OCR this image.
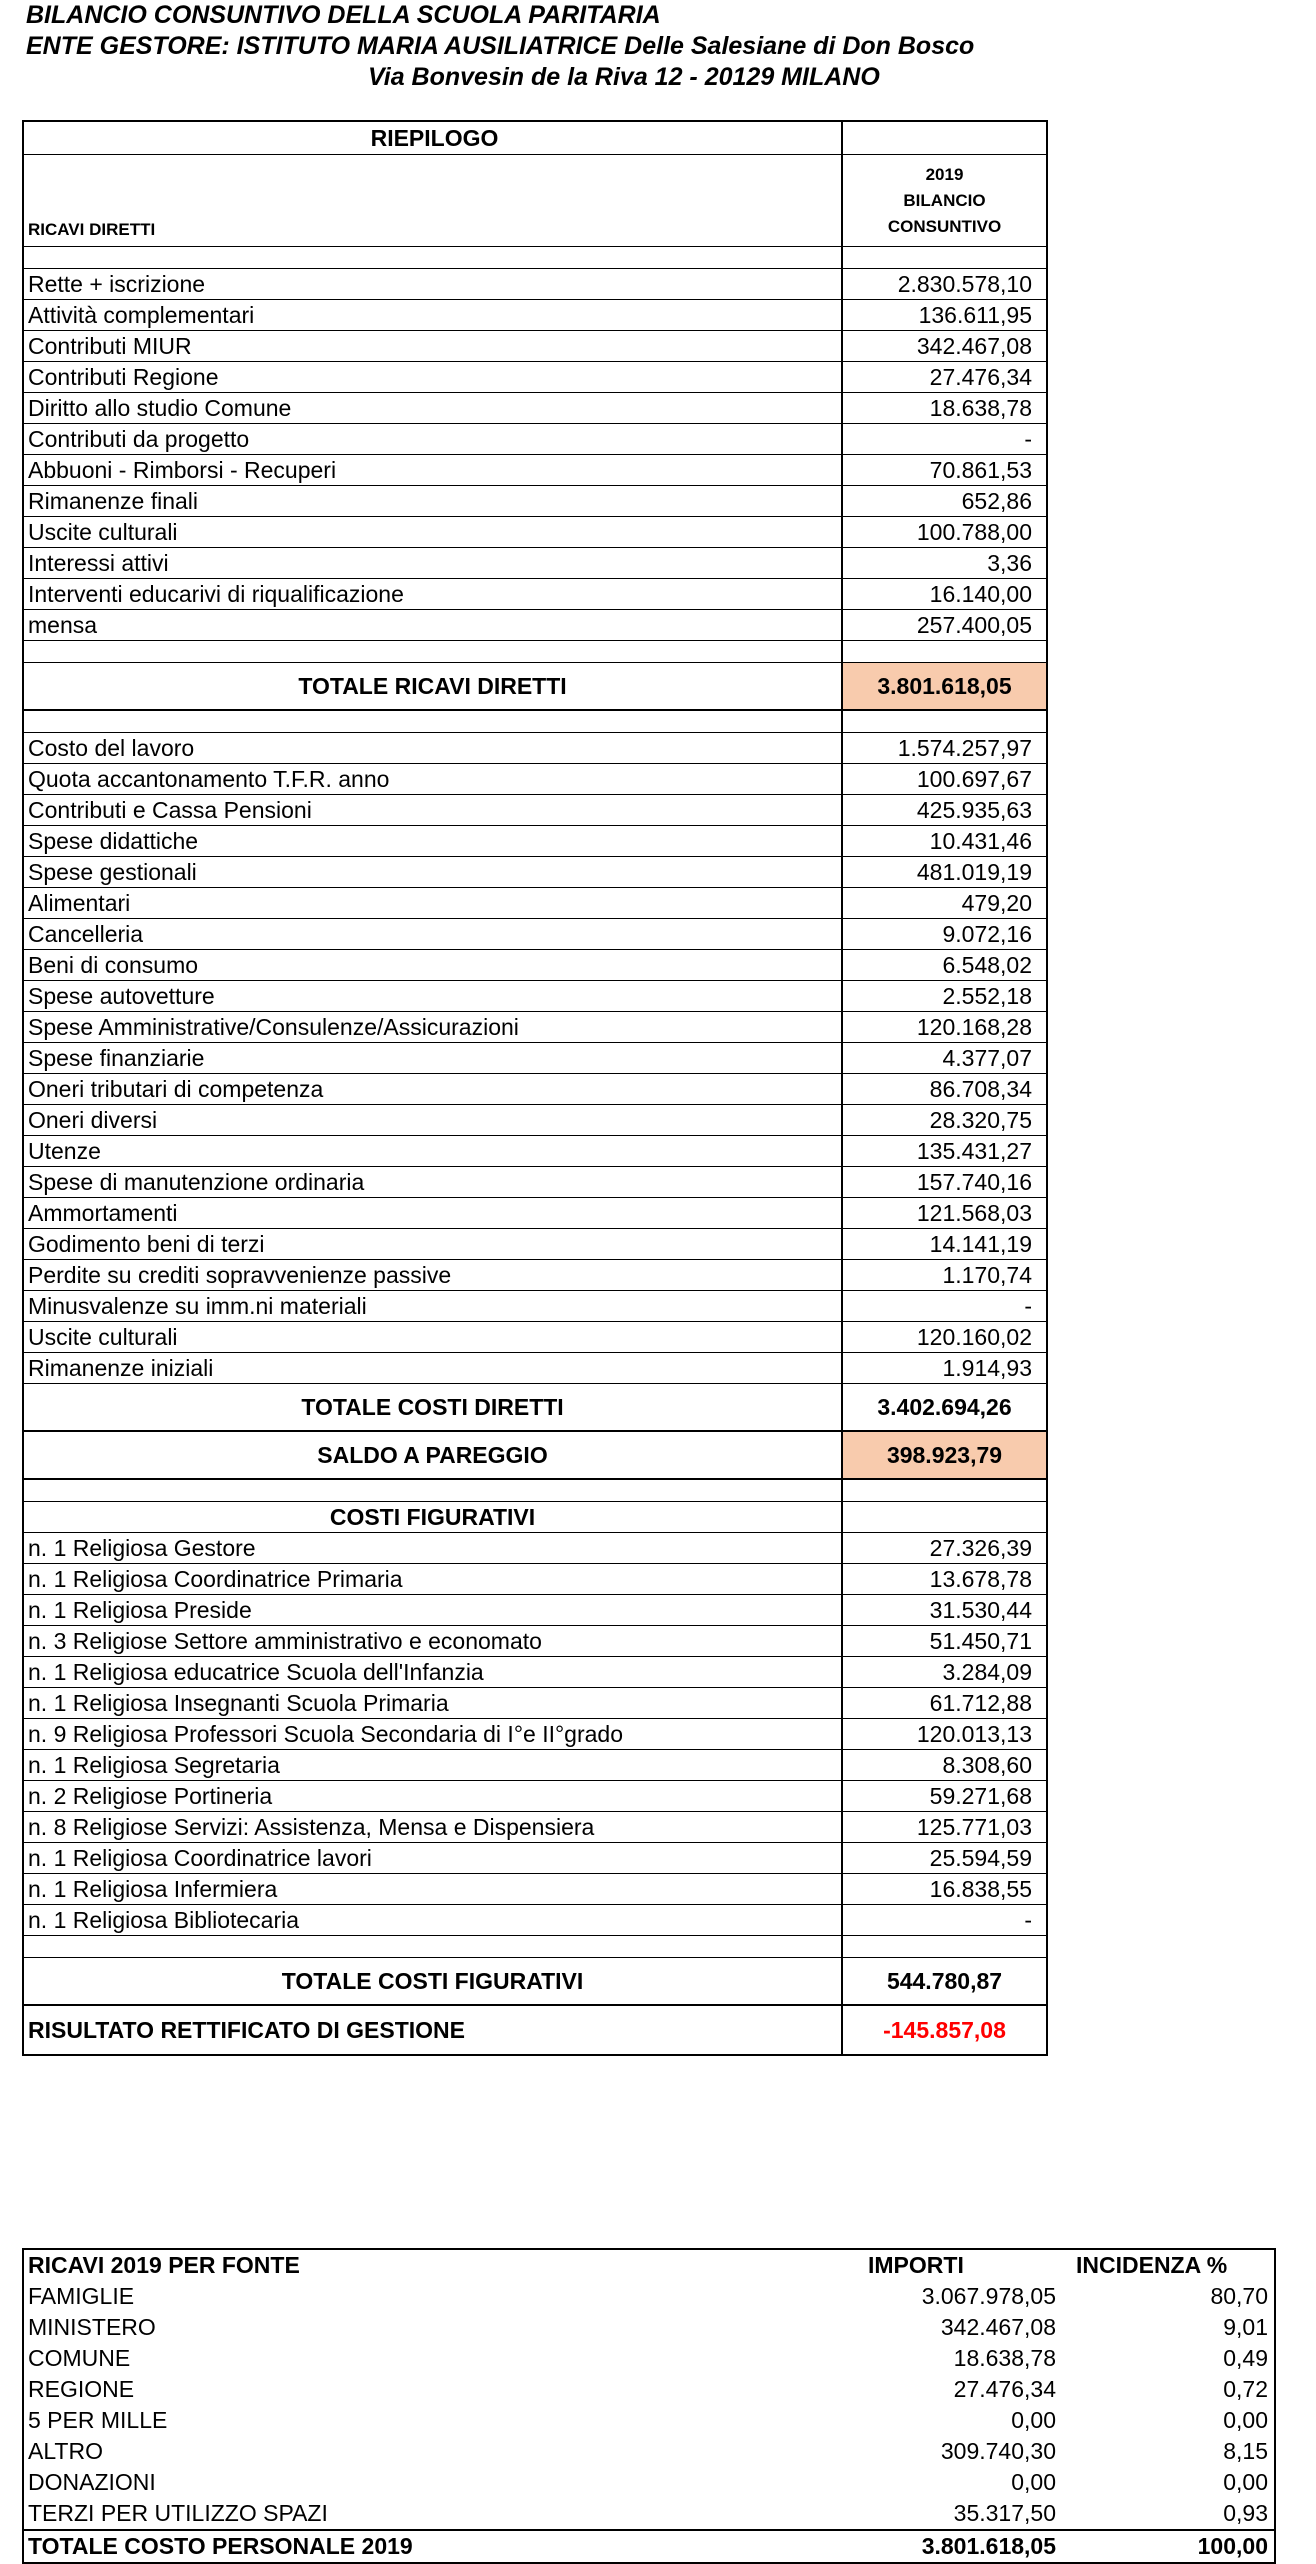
BILANCIO CONSUNTIVO DELLA SCUOLA PARITARIA
ENTE GESTORE: ISTITUTO MARIA AUSILIATRICE Delle Salesiane di Don Bosco
Via Bonvesin de la Riva 12 - 20129 MILANO
RIEPILOGO
RICAVI DIRETTI
2019
BILANCIO
CONSUNTIVO
Rette + iscrizione	2.830.578,10
Attività complementari	136.611,95
Contributi MIUR	342.467,08
Contributi Regione	27.476,34
Diritto allo studio Comune	18.638,78
Contributi da progetto	-
Abbuoni - Rimborsi - Recuperi	70.861,53
Rimanenze finali	652,86
Uscite culturali	100.788,00
Interessi attivi	3,36
Interventi educarivi di riqualificazione	16.140,00
mensa	257.400,05
TOTALE RICAVI DIRETTI	3.801.618,05
Costo del lavoro	1.574.257,97
Quota accantonamento T.F.R. anno	100.697,67
Contributi e Cassa Pensioni	425.935,63
Spese didattiche	10.431,46
Spese gestionali	481.019,19
Alimentari	479,20
Cancelleria	9.072,16
Beni di consumo	6.548,02
Spese autovetture	2.552,18
Spese Amministrative/Consulenze/Assicurazioni	120.168,28
Spese finanziarie	4.377,07
Oneri tributari di competenza	86.708,34
Oneri diversi	28.320,75
Utenze	135.431,27
Spese di manutenzione ordinaria	157.740,16
Ammortamenti	121.568,03
Godimento beni di terzi	14.141,19
Perdite su crediti sopravvenienze passive	1.170,74
Minusvalenze su imm.ni materiali	-
Uscite culturali	120.160,02
Rimanenze iniziali	1.914,93
TOTALE COSTI DIRETTI	3.402.694,26
SALDO A PAREGGIO	398.923,79
COSTI FIGURATIVI
n. 1 Religiosa Gestore	27.326,39
n. 1 Religiosa Coordinatrice Primaria	13.678,78
n. 1 Religiosa Preside	31.530,44
n. 3 Religiose Settore amministrativo e economato	51.450,71
n. 1 Religiosa educatrice Scuola dell'Infanzia	3.284,09
n. 1 Religiosa Insegnanti Scuola Primaria	61.712,88
n. 9 Religiosa Professori Scuola Secondaria di I°e II°grado	120.013,13
n. 1 Religiosa Segretaria	8.308,60
n. 2 Religiose Portineria	59.271,68
n. 8 Religiose Servizi: Assistenza, Mensa e Dispensiera	125.771,03
n. 1 Religiosa Coordinatrice lavori	25.594,59
n. 1 Religiosa Infermiera	16.838,55
n. 1 Religiosa Bibliotecaria	-
TOTALE COSTI FIGURATIVI	544.780,87
RISULTATO RETTIFICATO DI GESTIONE	-145.857,08
RICAVI 2019 PER FONTE	IMPORTI	INCIDENZA %
FAMIGLIE	3.067.978,05	80,70
MINISTERO	342.467,08	9,01
COMUNE	18.638,78	0,49
REGIONE	27.476,34	0,72
5 PER MILLE	0,00	0,00
ALTRO	309.740,30	8,15
DONAZIONI	0,00	0,00
TERZI PER UTILIZZO SPAZI	35.317,50	0,93
TOTALE COSTO PERSONALE 2019	3.801.618,05	100,00
